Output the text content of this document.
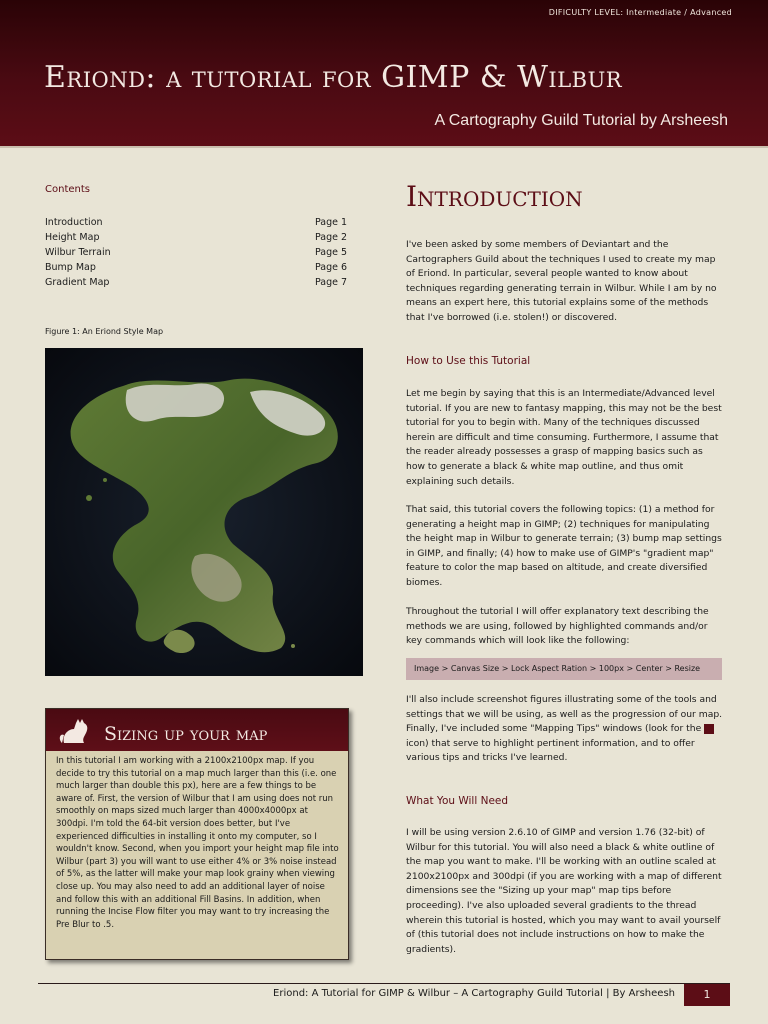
DIFICULTY LEVEL: Intermediate / Advanced
Eriond: a tutorial for GIMP & Wilbur
A Cartography Guild Tutorial by Arsheesh
Contents
Introduction	Page 1
Height Map	Page 2
Wilbur Terrain	Page 5
Bump Map	Page 6
Gradient Map	Page 7
Figure 1: An Eriond Style Map
Sizing up your map
In this tutorial I am working with a 2100x2100px map. If you decide to try this tutorial on a map much larger than this (i.e. one much larger than double this px), here are a few things to be aware of. First, the version of Wilbur that I am using does not run smoothly on maps sized much larger than 4000x4000px at 300dpi. I'm told the 64-bit version does better, but I've experienced difficulties in installing it onto my computer, so I wouldn't know. Second, when you import your height map file into Wilbur (part 3) you will want to use either 4% or 3% noise instead of 5%, as the latter will make your map look grainy when viewing close up. You may also need to add an additional layer of noise and follow this with an additional Fill Basins. In addition, when running the Incise Flow filter you may want to try increasing the Pre Blur to .5.
Introduction
I've been asked by some members of Deviantart and the Cartographers Guild about the techniques I used to create my map of Eriond. In particular, several people wanted to know about techniques regarding generating terrain in Wilbur. While I am by no means an expert here, this tutorial explains some of the methods that I've borrowed (i.e. stolen!) or discovered.
How to Use this Tutorial
Let me begin by saying that this is an Intermediate/Advanced level tutorial. If you are new to fantasy mapping, this may not be the best tutorial for you to begin with. Many of the techniques discussed herein are difficult and time consuming. Furthermore, I assume that the reader already possesses a grasp of mapping basics such as how to generate a black & white map outline, and thus omit explaining such details.
That said, this tutorial covers the following topics: (1) a method for generating a height map in GIMP; (2) techniques for manipulating the height map in Wilbur to generate terrain; (3) bump map settings in GIMP, and finally; (4) how to make use of GIMP's "gradient map" feature to color the map based on altitude, and create diversified biomes.
Throughout the tutorial I will offer explanatory text describing the methods we are using, followed by highlighted commands and/or key commands which will look like the following:
Image > Canvas Size > Lock Aspect Ration > 100px > Center > Resize
I'll also include screenshot figures illustrating some of the tools and settings that we will be using, as well as the progression of our map. Finally, I've included some "Mapping Tips" windows (look for the  icon) that serve to highlight pertinent information, and to offer various tips and tricks I've learned.
What You Will Need
I will be using version 2.6.10 of GIMP and version 1.76 (32-bit) of Wilbur for this tutorial. You will also need a black & white outline of the map you want to make. I'll be working with an outline scaled at 2100x2100px and 300dpi (if you are working with a map of different dimensions see the "Sizing up your map" map tips before proceeding). I've also uploaded several gradients to the thread wherein this tutorial is hosted, which you may want to avail yourself of (this tutorial does not include instructions on how to make the gradients).
Eriond: A Tutorial for GIMP & Wilbur – A Cartography Guild Tutorial | By Arsheesh	1
